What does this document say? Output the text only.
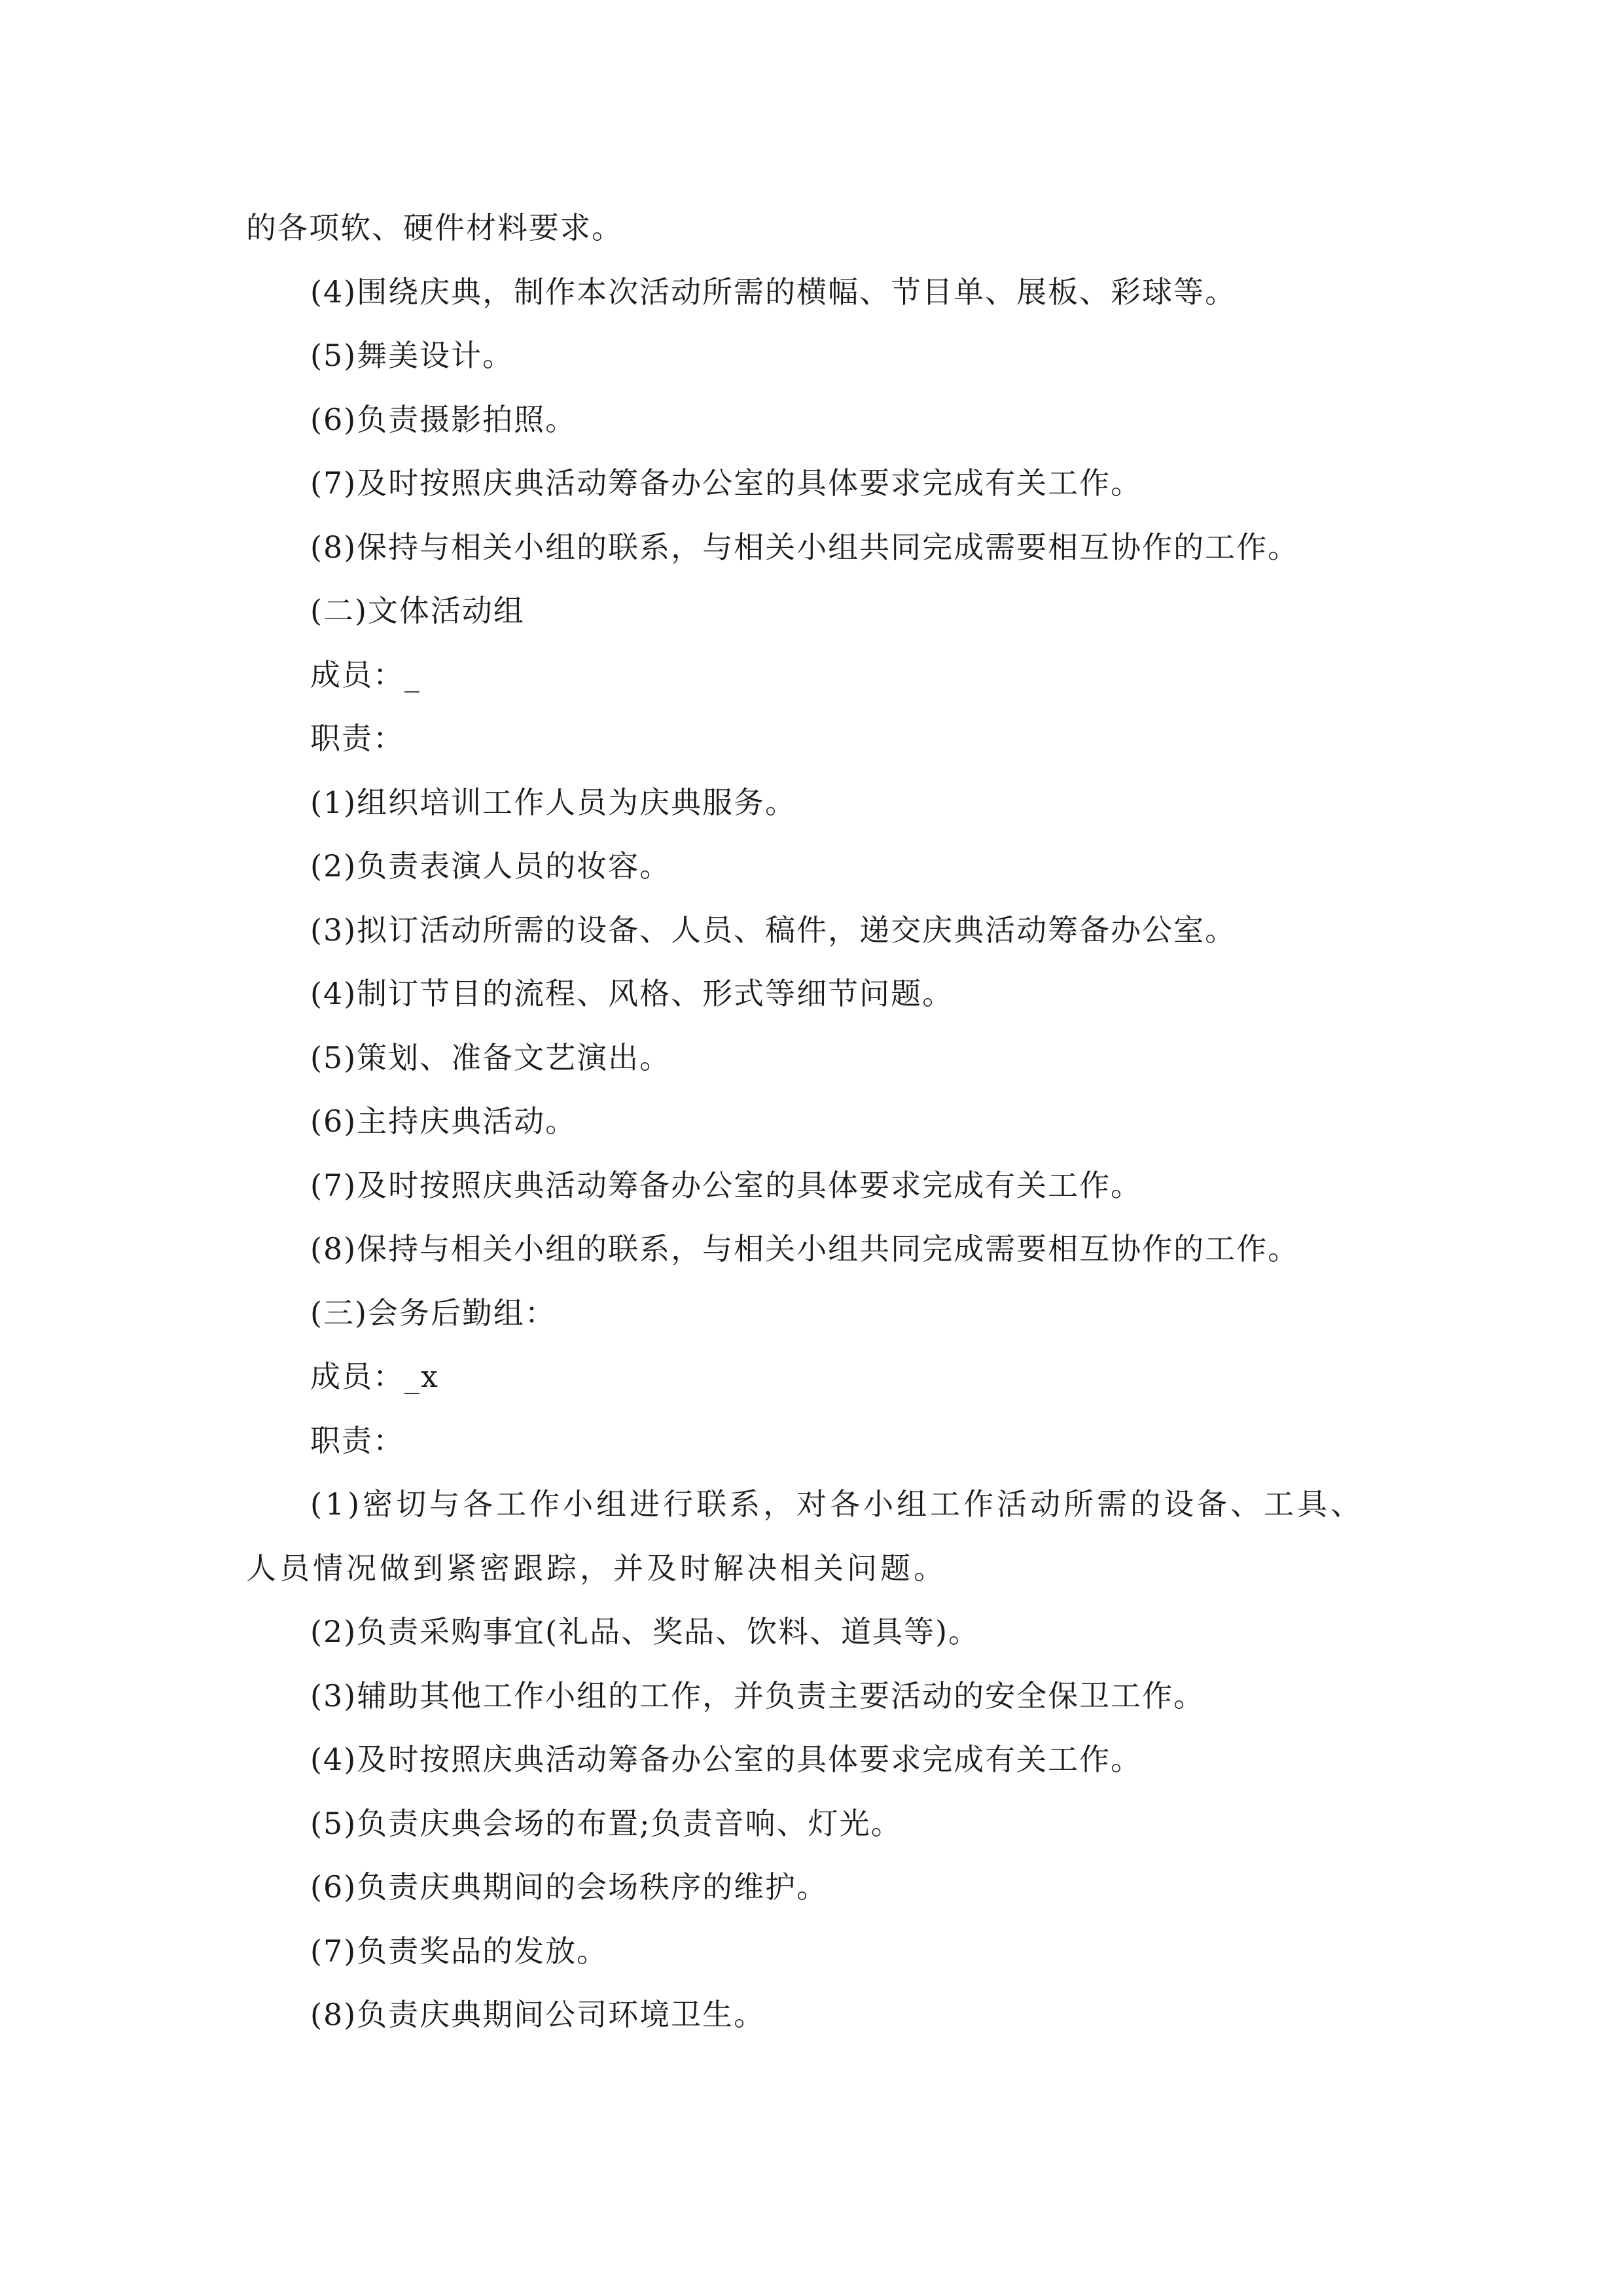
的各项软、硬件材料要求。
(4)围绕庆典，制作本次活动所需的横幅、节目单、展板、彩球等。
(5)舞美设计。
(6)负责摄影拍照。
(7)及时按照庆典活动筹备办公室的具体要求完成有关工作。
(8)保持与相关小组的联系，与相关小组共同完成需要相互协作的工作。
(二)文体活动组
成员：_
职责：
(1)组织培训工作人员为庆典服务。
(2)负责表演人员的妆容。
(3)拟订活动所需的设备、人员、稿件，递交庆典活动筹备办公室。
(4)制订节目的流程、风格、形式等细节问题。
(5)策划、准备文艺演出。
(6)主持庆典活动。
(7)及时按照庆典活动筹备办公室的具体要求完成有关工作。
(8)保持与相关小组的联系，与相关小组共同完成需要相互协作的工作。
(三)会务后勤组：
成员：_x
职责：
(1)密切与各工作小组进行联系，对各小组工作活动所需的设备、工具、人员情况做到紧密跟踪，并及时解决相关问题。
(2)负责采购事宜(礼品、奖品、饮料、道具等)。
(3)辅助其他工作小组的工作，并负责主要活动的安全保卫工作。
(4)及时按照庆典活动筹备办公室的具体要求完成有关工作。
(5)负责庆典会场的布置;负责音响、灯光。
(6)负责庆典期间的会场秩序的维护。
(7)负责奖品的发放。
(8)负责庆典期间公司环境卫生。
